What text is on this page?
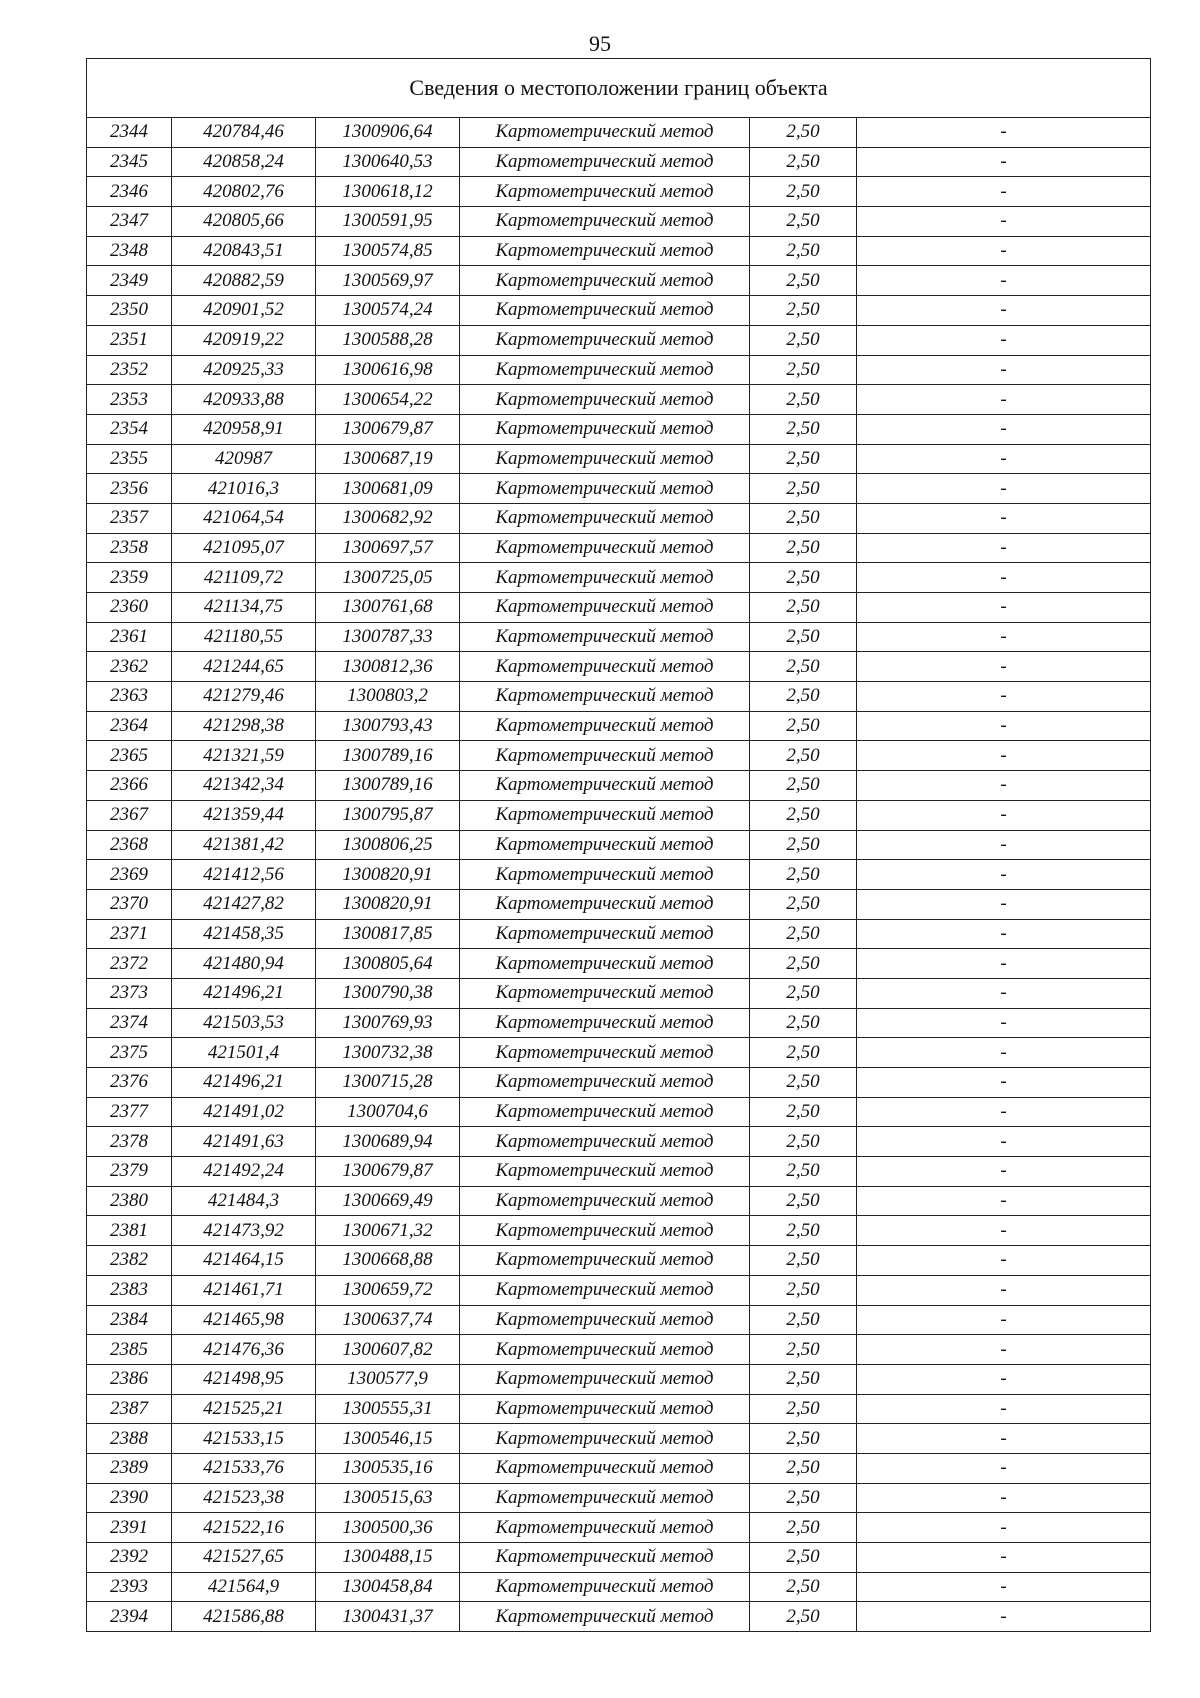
95
Сведения о местоположении границ объекта					
2344	420784,46	1300906,64	Картометрический метод	2,50	-
2345	420858,24	1300640,53	Картометрический метод	2,50	-
2346	420802,76	1300618,12	Картометрический метод	2,50	-
2347	420805,66	1300591,95	Картометрический метод	2,50	-
2348	420843,51	1300574,85	Картометрический метод	2,50	-
2349	420882,59	1300569,97	Картометрический метод	2,50	-
2350	420901,52	1300574,24	Картометрический метод	2,50	-
2351	420919,22	1300588,28	Картометрический метод	2,50	-
2352	420925,33	1300616,98	Картометрический метод	2,50	-
2353	420933,88	1300654,22	Картометрический метод	2,50	-
2354	420958,91	1300679,87	Картометрический метод	2,50	-
2355	420987	1300687,19	Картометрический метод	2,50	-
2356	421016,3	1300681,09	Картометрический метод	2,50	-
2357	421064,54	1300682,92	Картометрический метод	2,50	-
2358	421095,07	1300697,57	Картометрический метод	2,50	-
2359	421109,72	1300725,05	Картометрический метод	2,50	-
2360	421134,75	1300761,68	Картометрический метод	2,50	-
2361	421180,55	1300787,33	Картометрический метод	2,50	-
2362	421244,65	1300812,36	Картометрический метод	2,50	-
2363	421279,46	1300803,2	Картометрический метод	2,50	-
2364	421298,38	1300793,43	Картометрический метод	2,50	-
2365	421321,59	1300789,16	Картометрический метод	2,50	-
2366	421342,34	1300789,16	Картометрический метод	2,50	-
2367	421359,44	1300795,87	Картометрический метод	2,50	-
2368	421381,42	1300806,25	Картометрический метод	2,50	-
2369	421412,56	1300820,91	Картометрический метод	2,50	-
2370	421427,82	1300820,91	Картометрический метод	2,50	-
2371	421458,35	1300817,85	Картометрический метод	2,50	-
2372	421480,94	1300805,64	Картометрический метод	2,50	-
2373	421496,21	1300790,38	Картометрический метод	2,50	-
2374	421503,53	1300769,93	Картометрический метод	2,50	-
2375	421501,4	1300732,38	Картометрический метод	2,50	-
2376	421496,21	1300715,28	Картометрический метод	2,50	-
2377	421491,02	1300704,6	Картометрический метод	2,50	-
2378	421491,63	1300689,94	Картометрический метод	2,50	-
2379	421492,24	1300679,87	Картометрический метод	2,50	-
2380	421484,3	1300669,49	Картометрический метод	2,50	-
2381	421473,92	1300671,32	Картометрический метод	2,50	-
2382	421464,15	1300668,88	Картометрический метод	2,50	-
2383	421461,71	1300659,72	Картометрический метод	2,50	-
2384	421465,98	1300637,74	Картометрический метод	2,50	-
2385	421476,36	1300607,82	Картометрический метод	2,50	-
2386	421498,95	1300577,9	Картометрический метод	2,50	-
2387	421525,21	1300555,31	Картометрический метод	2,50	-
2388	421533,15	1300546,15	Картометрический метод	2,50	-
2389	421533,76	1300535,16	Картометрический метод	2,50	-
2390	421523,38	1300515,63	Картометрический метод	2,50	-
2391	421522,16	1300500,36	Картометрический метод	2,50	-
2392	421527,65	1300488,15	Картометрический метод	2,50	-
2393	421564,9	1300458,84	Картометрический метод	2,50	-
2394	421586,88	1300431,37	Картометрический метод	2,50	-
